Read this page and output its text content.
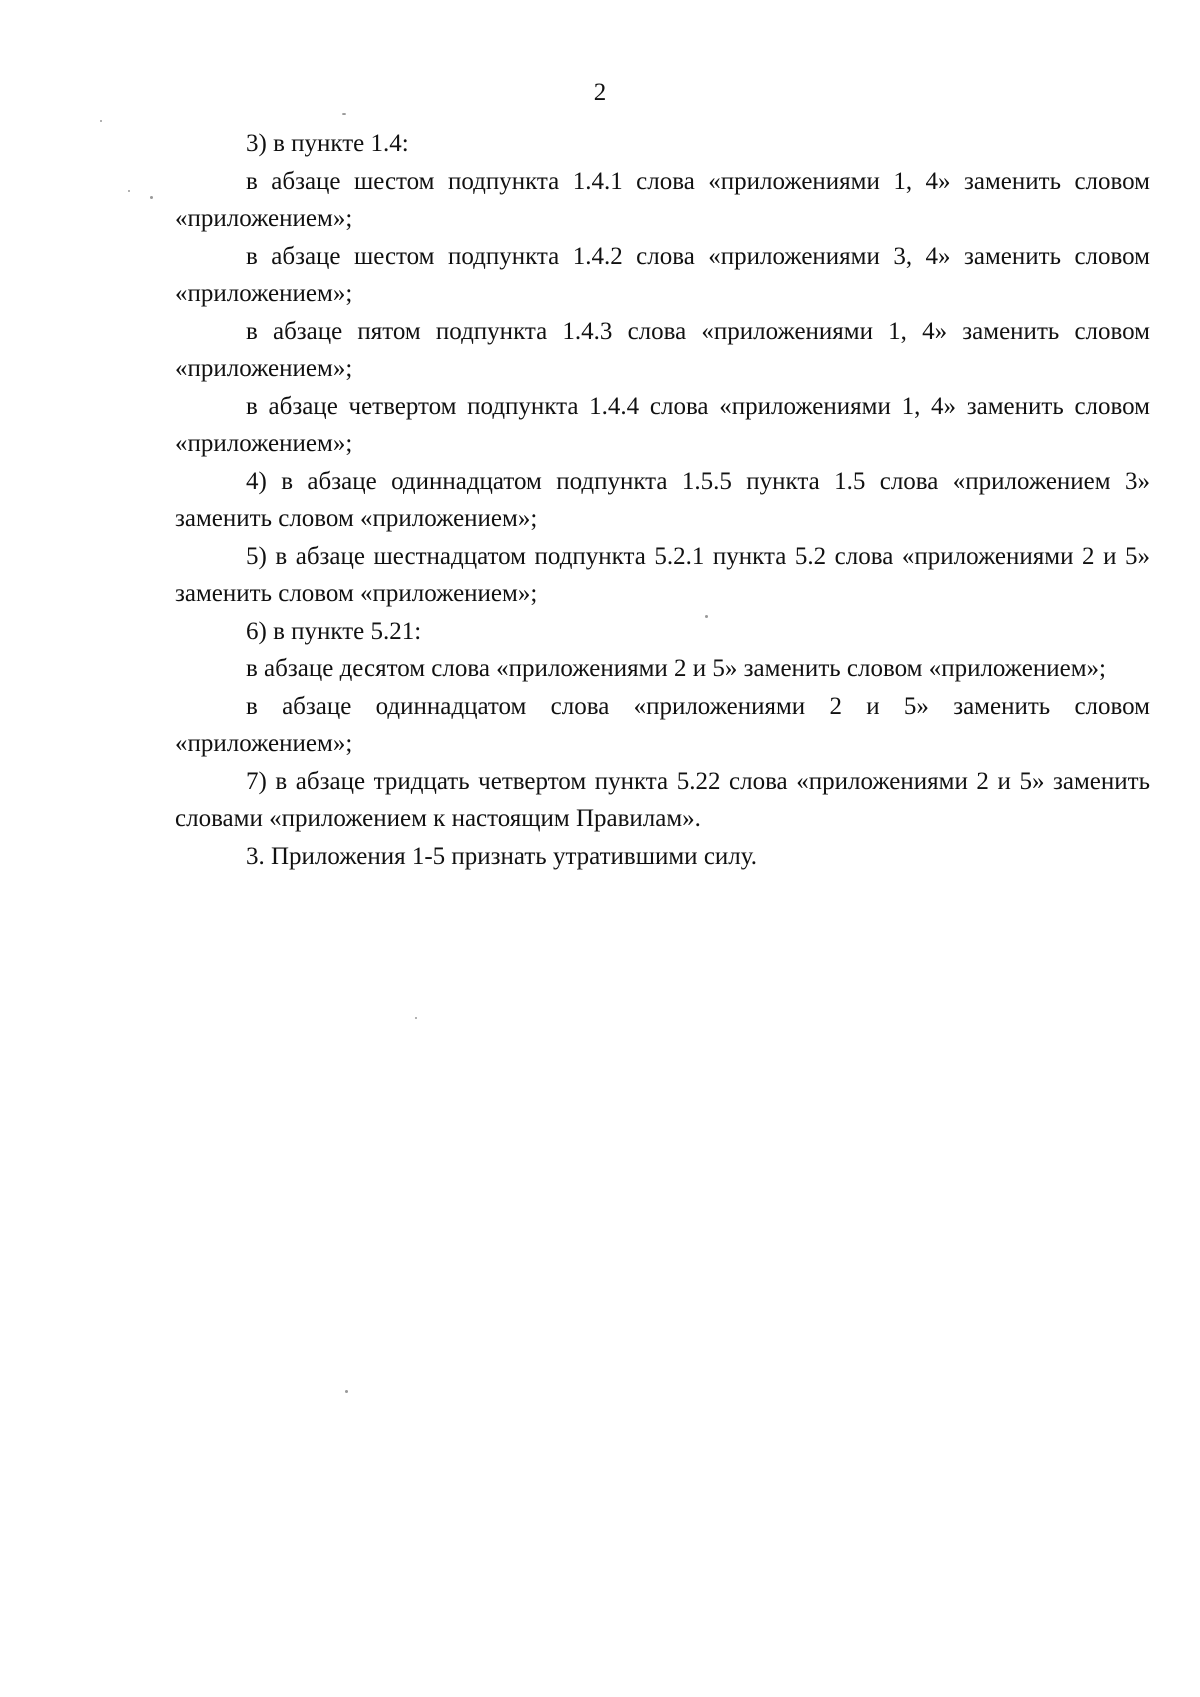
2

3) в пункте 1.4:

в абзаце шестом подпункта 1.4.1 слова «приложениями 1, 4» заменить словом «приложением»;

в абзаце шестом подпункта 1.4.2 слова «приложениями 3, 4» заменить словом «приложением»;

в абзаце пятом подпункта 1.4.3 слова «приложениями 1, 4» заменить словом «приложением»;

в абзаце четвертом подпункта 1.4.4 слова «приложениями 1, 4» заменить словом «приложением»;

4) в абзаце одиннадцатом подпункта 1.5.5 пункта 1.5 слова «приложением 3» заменить словом «приложением»;

5) в абзаце шестнадцатом подпункта 5.2.1 пункта 5.2 слова «приложениями 2 и 5» заменить словом «приложением»;

6) в пункте 5.21:

в абзаце десятом слова «приложениями 2 и 5» заменить словом «приложением»;

в абзаце одиннадцатом слова «приложениями 2 и 5» заменить словом «приложением»;

7) в абзаце тридцать четвертом пункта 5.22 слова «приложениями 2 и 5» заменить словами «приложением к настоящим Правилам».

3. Приложения 1-5 признать утратившими силу.
